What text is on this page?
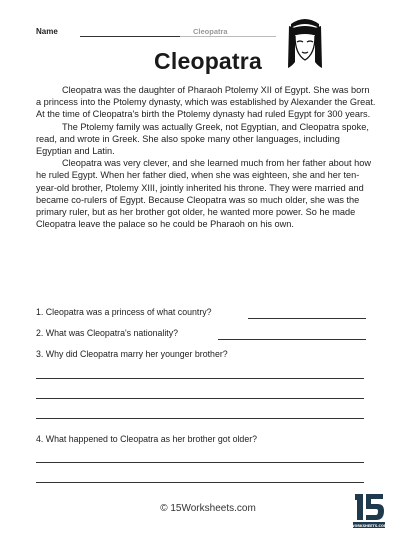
Name	Cleopatra
Cleopatra

Cleopatra was the daughter of Pharaoh Ptolemy XII of Egypt. She was born a princess into the Ptolemy dynasty, which was established by Alexander the Great. At the time of Cleopatra's birth the Ptolemy dynasty had ruled Egypt for 300 years.

The Ptolemy family was actually Greek, not Egyptian, and Cleopatra spoke, read, and wrote in Greek. She also spoke many other languages, including Egyptian and Latin.

Cleopatra was very clever, and she learned much from her father about how he ruled Egypt. When her father died, when she was eighteen, she and her ten-year-old brother, Ptolemy XIII, jointly inherited his throne. They were married and became co-rulers of Egypt. Because Cleopatra was so much older, she was the primary ruler, but as her brother got older, he wanted more power. So he made Cleopatra leave the palace so he could be Pharaoh on his own.

1. Cleopatra was a princess of what country?
2. What was Cleopatra's nationality?
3. Why did Cleopatra marry her younger brother?
4. What happened to Cleopatra as her brother got older?
© 15Worksheets.com
WORKSHEETS.COM
